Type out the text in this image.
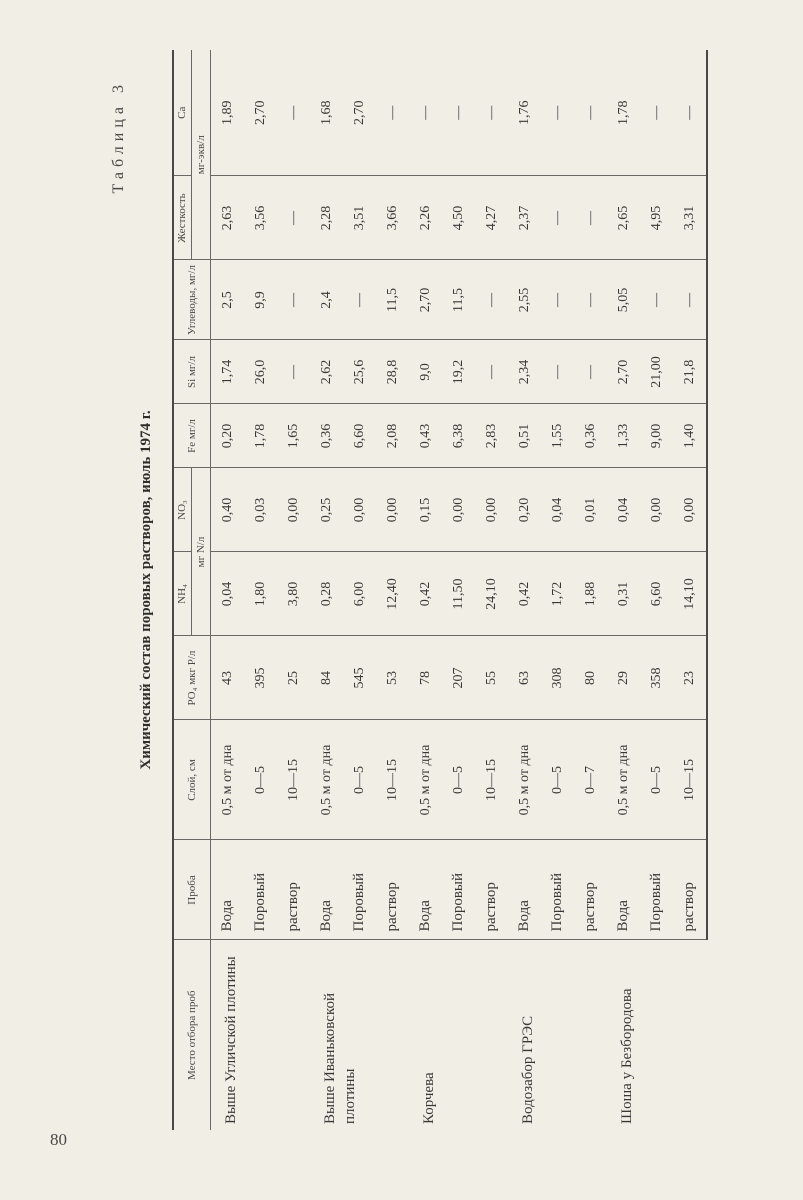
80
Таблица 3
Химический состав поровых растворов, июль 1974 г.
Место отбора проб	Проба	Слой, см	PO₄ мкг P/л	NH₄	NO₃	Fe мг/л	Si мг/л	Углеводы, мг/л	Жесткость	Ca
				мг N/л					мг-экв/л	
Выше Угличской плотины	Вода	0,5 м от дна	43	0,04	0,40	0,20	1,74	2,5	2,63	1,89
	Поровый	0—5	395	1,80	0,03	1,78	26,0	9,9	3,56	2,70
	раствор	10—15	25	3,80	0,00	1,65	—	—	—	—
Выше Иваньковской плотины	Вода	0,5 м от дна	84	0,28	0,25	0,36	2,62	2,4	2,28	1,68
	Поровый	0—5	545	6,00	0,00	6,60	25,6	—	3,51	2,70
	раствор	10—15	53	12,40	0,00	2,08	28,8	11,5	3,66	—
Корчева	Вода	0,5 м от дна	78	0,42	0,15	0,43	9,0	2,70	2,26	—
	Поровый	0—5	207	11,50	0,00	6,38	19,2	11,5	4,50	—
	раствор	10—15	55	24,10	0,00	2,83	—	—	4,27	—
Водозабор ГРЭС	Вода	0,5 м от дна	63	0,42	0,20	0,51	2,34	2,55	2,37	1,76
	Поровый	0—5	308	1,72	0,04	1,55	—	—	—	—
	раствор	0—7	80	1,88	0,01	0,36	—	—	—	—
Шоша у Безбородова	Вода	0,5 м от дна	29	0,31	0,04	1,33	2,70	5,05	2,65	1,78
	Поровый	0—5	358	6,60	0,00	9,00	21,00	—	4,95	—
	раствор	10—15	23	14,10	0,00	1,40	21,8	—	3,31	—
